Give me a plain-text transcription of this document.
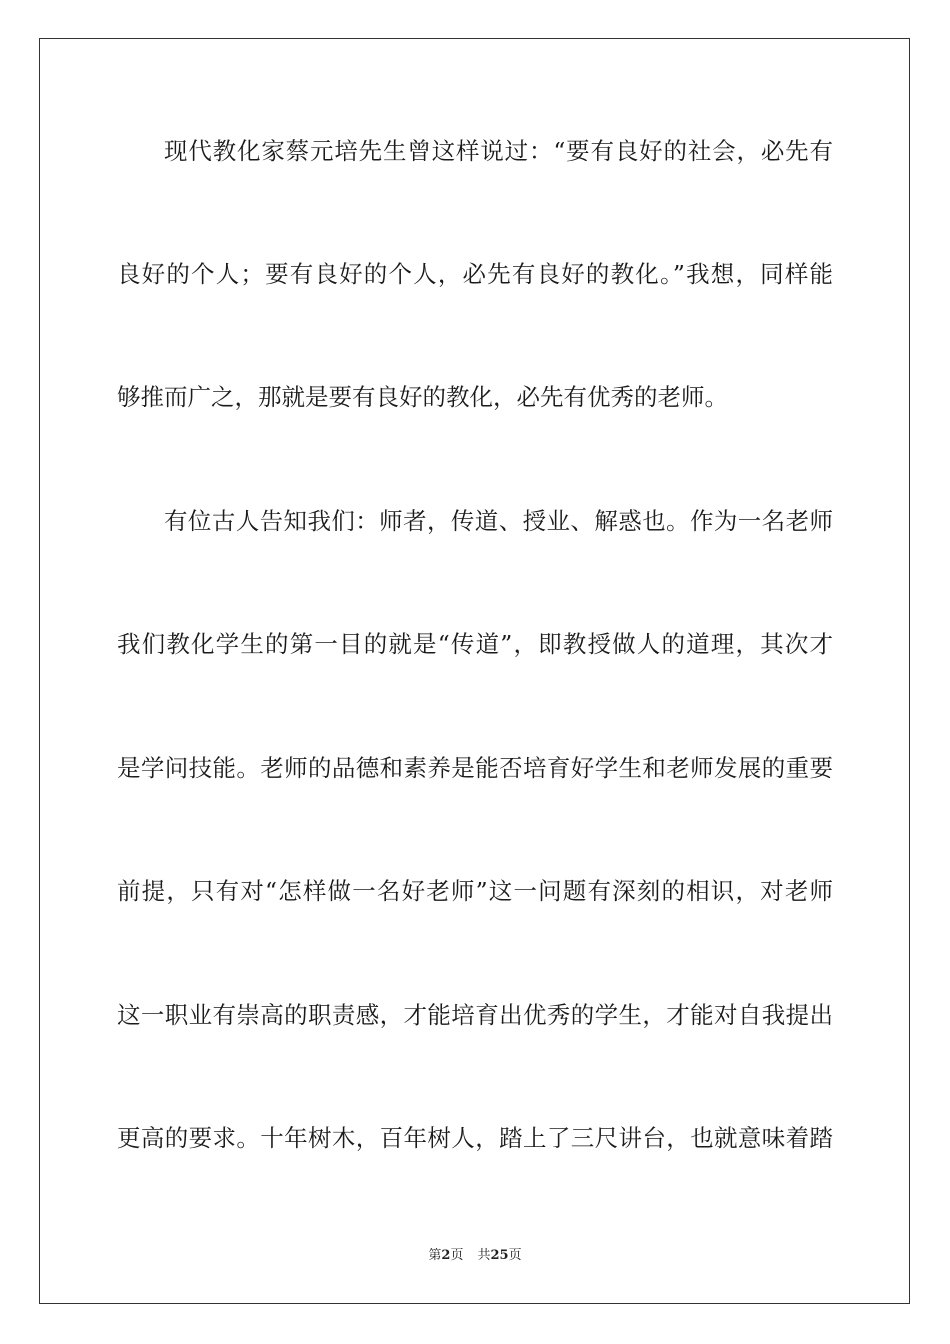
现代教化家蔡元培先生曾这样说过：“要有良好的社会，必先有
良好的个人；要有良好的个人，必先有良好的教化。”我想，同样能
够推而广之，那就是要有良好的教化，必先有优秀的老师。
有位古人告知我们：师者，传道、授业、解惑也。作为一名老师
我们教化学生的第一目的就是“传道”，即教授做人的道理，其次才
是学问技能。老师的品德和素养是能否培育好学生和老师发展的重要
前提，只有对“怎样做一名好老师”这一问题有深刻的相识，对老师
这一职业有崇高的职责感，才能培育出优秀的学生，才能对自我提出
更高的要求。十年树木，百年树人，踏上了三尺讲台，也就意味着踏
第2页 共25页
